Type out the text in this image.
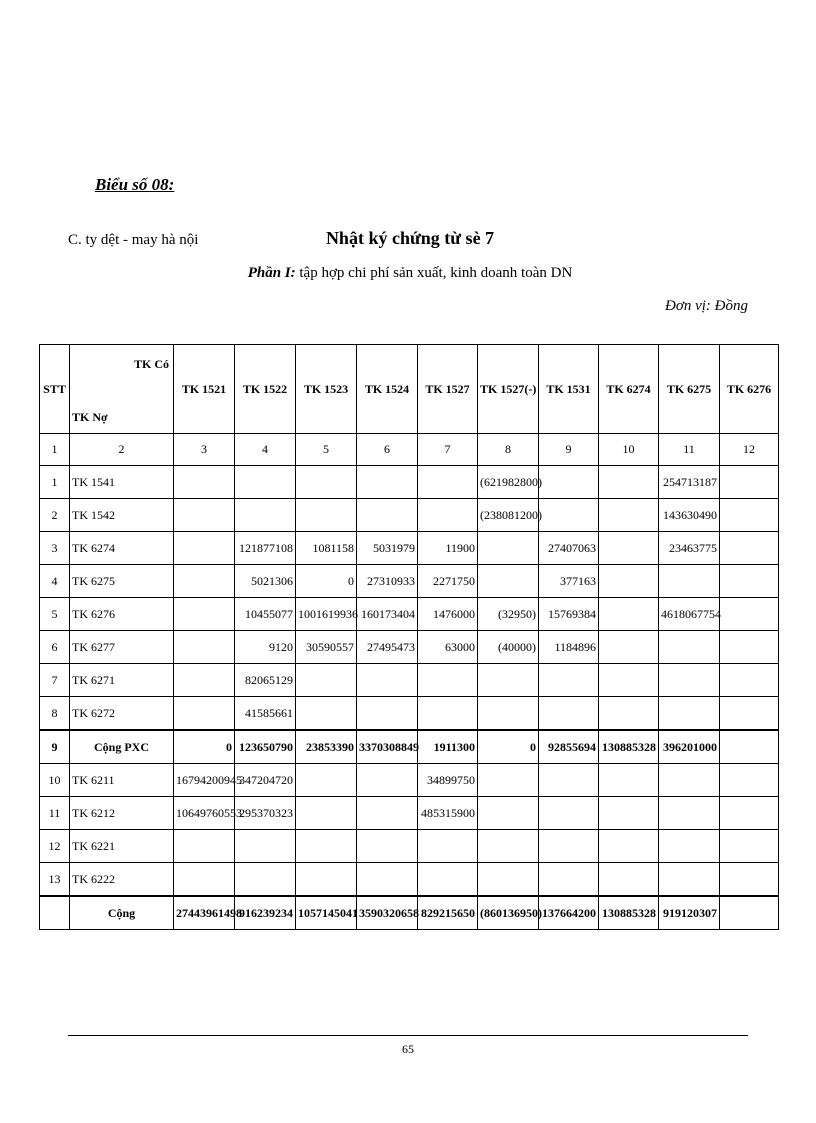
Biểu số 08:
C. ty dệt - may hà nội	Nhật ký chứng từ sè 7
Phần I: tập hợp chi phí sản xuất, kinh doanh toàn DN
Đơn vị: Đồng
STT	TK Có
TK Nợ	TK 1521	TK 1522	TK 1523	TK 1524	TK 1527	TK 1527(-)	TK 1531	TK 6274	TK 6275	TK 6276
1	2	3	4	5	6	7	8	9	10	11	12
1	TK 1541						(621982800)			254713187	
2	TK 1542						(238081200)			143630490	
3	TK 6274		121877108	1081158	5031979	11900		27407063		23463775	
4	TK 6275		5021306	0	27310933	2271750		377163			
5	TK 6276		10455077	1001619936	160173404	1476000	(32950)	15769384		4618067754	
6	TK 6277		9120	30590557	27495473	63000	(40000)	1184896			
7	TK 6271		82065129								
8	TK 6272		41585661								
9	Cộng PXC	0	123650790	23853390	3370308849	1911300	0	92855694	130885328	396201000	
10	TK 6211	16794200945	347204720			34899750					
11	TK 6212	10649760553	295370323			485315900					
12	TK 6221										
13	TK 6222										
	Cộng	27443961498	916239234	1057145041	3590320658	829215650	(860136950)	137664200	130885328	919120307	
65
